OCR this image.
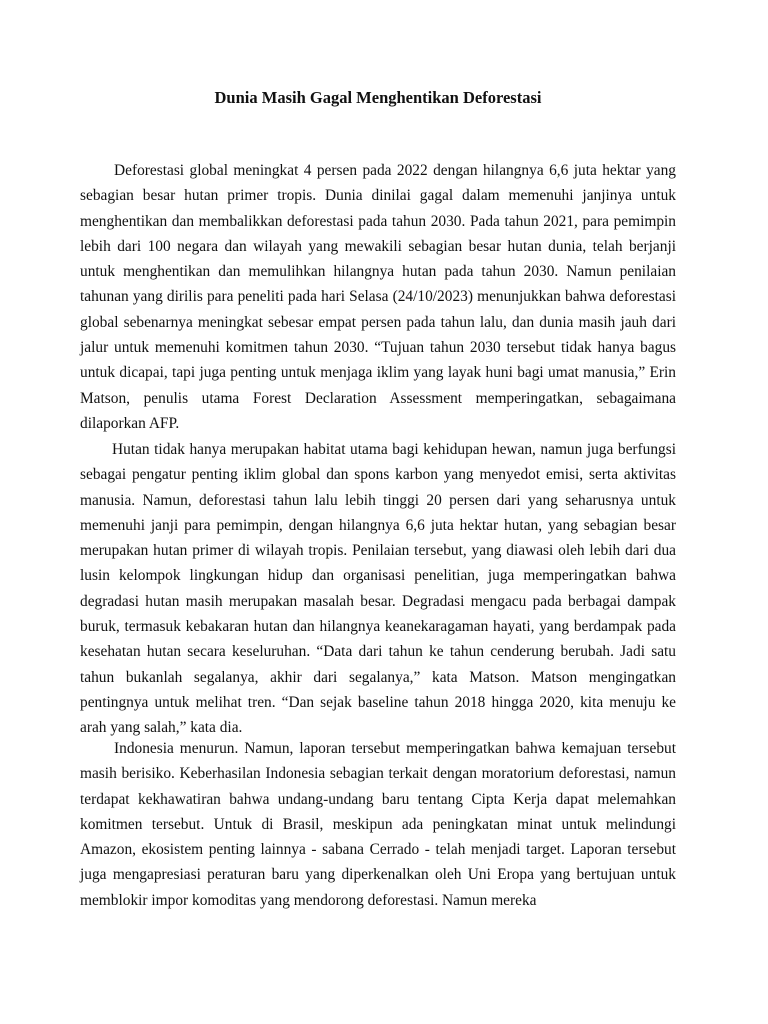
Dunia Masih Gagal Menghentikan Deforestasi

Deforestasi global meningkat 4 persen pada 2022 dengan hilangnya 6,6 juta hektar yang sebagian besar hutan primer tropis. Dunia dinilai gagal dalam memenuhi janjinya untuk menghentikan dan membalikkan deforestasi pada tahun 2030. Pada tahun 2021, para pemimpin lebih dari 100 negara dan wilayah yang mewakili sebagian besar hutan dunia, telah berjanji untuk menghentikan dan memulihkan hilangnya hutan pada tahun 2030. Namun penilaian tahunan yang dirilis para peneliti pada hari Selasa (24/10/2023) menunjukkan bahwa deforestasi global sebenarnya meningkat sebesar empat persen pada tahun lalu, dan dunia masih jauh dari jalur untuk memenuhi komitmen tahun 2030. “Tujuan tahun 2030 tersebut tidak hanya bagus untuk dicapai, tapi juga penting untuk menjaga iklim yang layak huni bagi umat manusia,” Erin Matson, penulis utama Forest Declaration Assessment memperingatkan, sebagaimana dilaporkan AFP.

Hutan tidak hanya merupakan habitat utama bagi kehidupan hewan, namun juga berfungsi sebagai pengatur penting iklim global dan spons karbon yang menyedot emisi, serta aktivitas manusia. Namun, deforestasi tahun lalu lebih tinggi 20 persen dari yang seharusnya untuk memenuhi janji para pemimpin, dengan hilangnya 6,6 juta hektar hutan, yang sebagian besar merupakan hutan primer di wilayah tropis. Penilaian tersebut, yang diawasi oleh lebih dari dua lusin kelompok lingkungan hidup dan organisasi penelitian, juga memperingatkan bahwa degradasi hutan masih merupakan masalah besar. Degradasi mengacu pada berbagai dampak buruk, termasuk kebakaran hutan dan hilangnya keanekaragaman hayati, yang berdampak pada kesehatan hutan secara keseluruhan. “Data dari tahun ke tahun cenderung berubah. Jadi satu tahun bukanlah segalanya, akhir dari segalanya,” kata Matson. Matson mengingatkan pentingnya untuk melihat tren. “Dan sejak baseline tahun 2018 hingga 2020, kita menuju ke arah yang salah,” kata dia.

Indonesia menurun. Namun, laporan tersebut memperingatkan bahwa kemajuan tersebut masih berisiko. Keberhasilan Indonesia sebagian terkait dengan moratorium deforestasi, namun terdapat kekhawatiran bahwa undang-undang baru tentang Cipta Kerja dapat melemahkan komitmen tersebut. Untuk di Brasil, meskipun ada peningkatan minat untuk melindungi Amazon, ekosistem penting lainnya - sabana Cerrado - telah menjadi target. Laporan tersebut juga mengapresiasi peraturan baru yang diperkenalkan oleh Uni Eropa yang bertujuan untuk memblokir impor komoditas yang mendorong deforestasi. Namun mereka
